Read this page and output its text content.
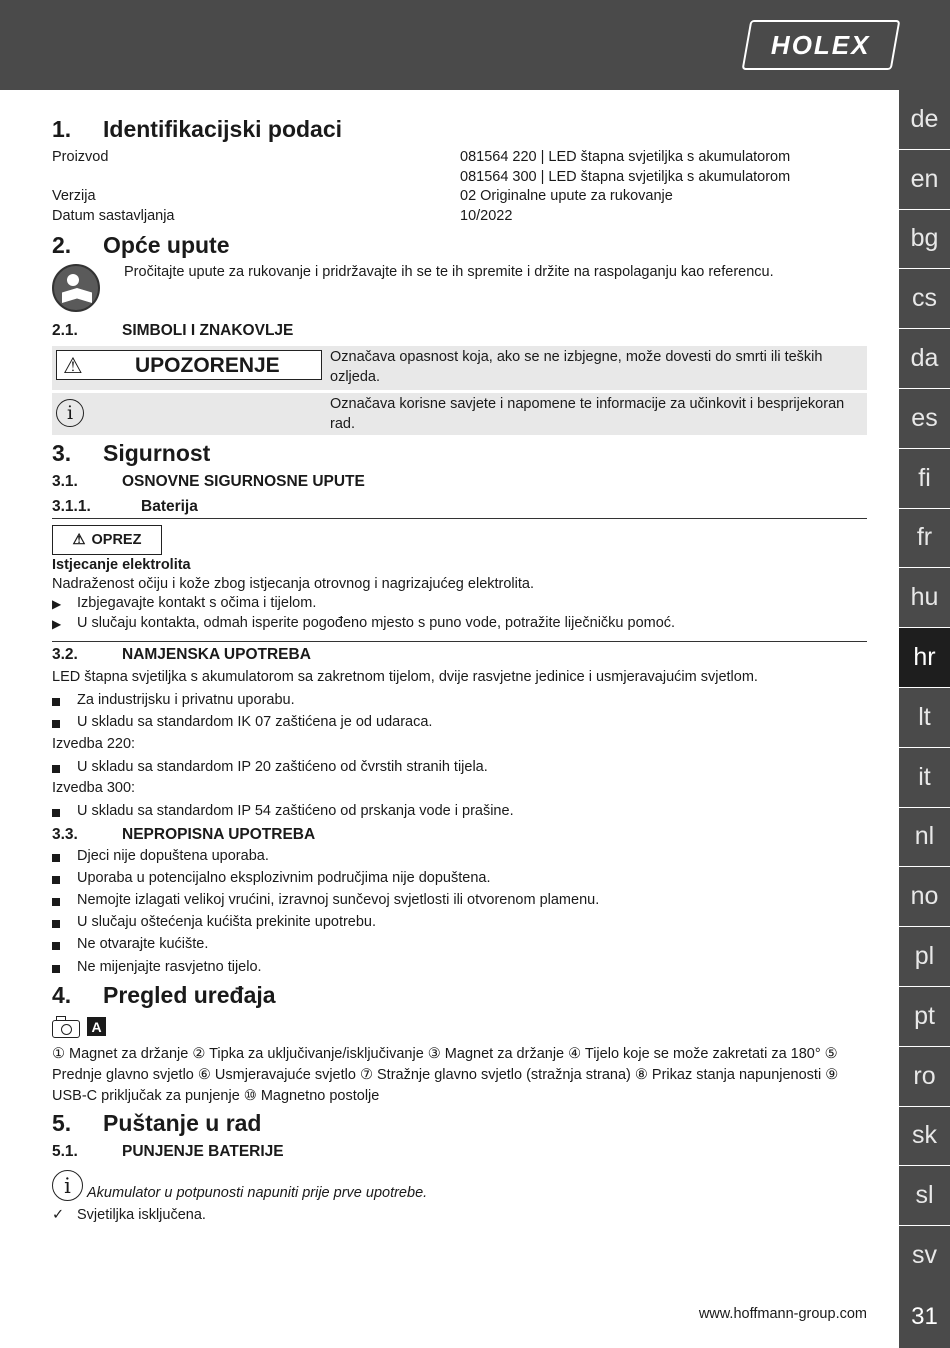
HOLEX
de
en
bg
cs
da
es
fi
fr
hu
hr
lt
it
nl
no
pl
pt
ro
sk
sl
sv
31
1. Identifikacijski podaci
Proizvod	081564 220 | LED štapna svjetiljka s akumulatorom
081564 300 | LED štapna svjetiljka s akumulatorom
Verzija	02 Originalne upute za rukovanje
Datum sastavljanja	10/2022
2. Opće upute
Pročitajte upute za rukovanje i pridržavajte ih se te ih spremite i držite na raspolaganju kao referencu.
2.1.	SIMBOLI I ZNAKOVLJE
⚠ UPOZORENJE	Označava opasnost koja, ako se ne izbjegne, može dovesti do smrti ili teških
ozljeda.
i	Označava korisne savjete i napomene te informacije za učinkovit i besprijekoran
rad.
3. Sigurnost
3.1.	OSNOVNE SIGURNOSNE UPUTE
3.1.1.	Baterija
⚠ OPREZ
Istjecanje elektrolita
Nadraženost očiju i kože zbog istjecanja otrovnog i nagrizajućeg elektrolita.
▶ Izbjegavajte kontakt s očima i tijelom.
▶ U slučaju kontakta, odmah isperite pogođeno mjesto s puno vode, potražite liječničku pomoć.
3.2.	NAMJENSKA UPOTREBA
LED štapna svjetiljka s akumulatorom sa zakretnom tijelom, dvije rasvjetne jedinice i usmjeravajućim svjetlom.
Za industrijsku i privatnu uporabu.
U skladu sa standardom IK 07 zaštićena je od udaraca.
Izvedba 220:
U skladu sa standardom IP 20 zaštićeno od čvrstih stranih tijela.
Izvedba 300:
U skladu sa standardom IP 54 zaštićeno od prskanja vode i prašine.
3.3.	NEPROPISNA UPOTREBA
Djeci nije dopuštena uporaba.
Uporaba u potencijalno eksplozivnim područjima nije dopuštena.
Nemojte izlagati velikoj vrućini, izravnoj sunčevoj svjetlosti ili otvorenom plamenu.
U slučaju oštećenja kućišta prekinite upotrebu.
Ne otvarajte kućište.
Ne mijenjajte rasvjetno tijelo.
4. Pregled uređaja
A
① Magnet za držanje ② Tipka za uključivanje/isključivanje ③ Magnet za držanje ④ Tijelo koje se može zakretati za 180° ⑤
Prednje glavno svjetlo ⑥ Usmjeravajuće svjetlo ⑦ Stražnje glavno svjetlo (stražnja strana) ⑧ Prikaz stanja napunjenosti ⑨
USB-C priključak za punjenje ⑩ Magnetno postolje
5. Puštanje u rad
5.1.	PUNJENJE BATERIJE
i	Akumulator u potpunosti napuniti prije prve upotrebe.
✓ Svjetiljka isključena.
www.hoffmann-group.com
